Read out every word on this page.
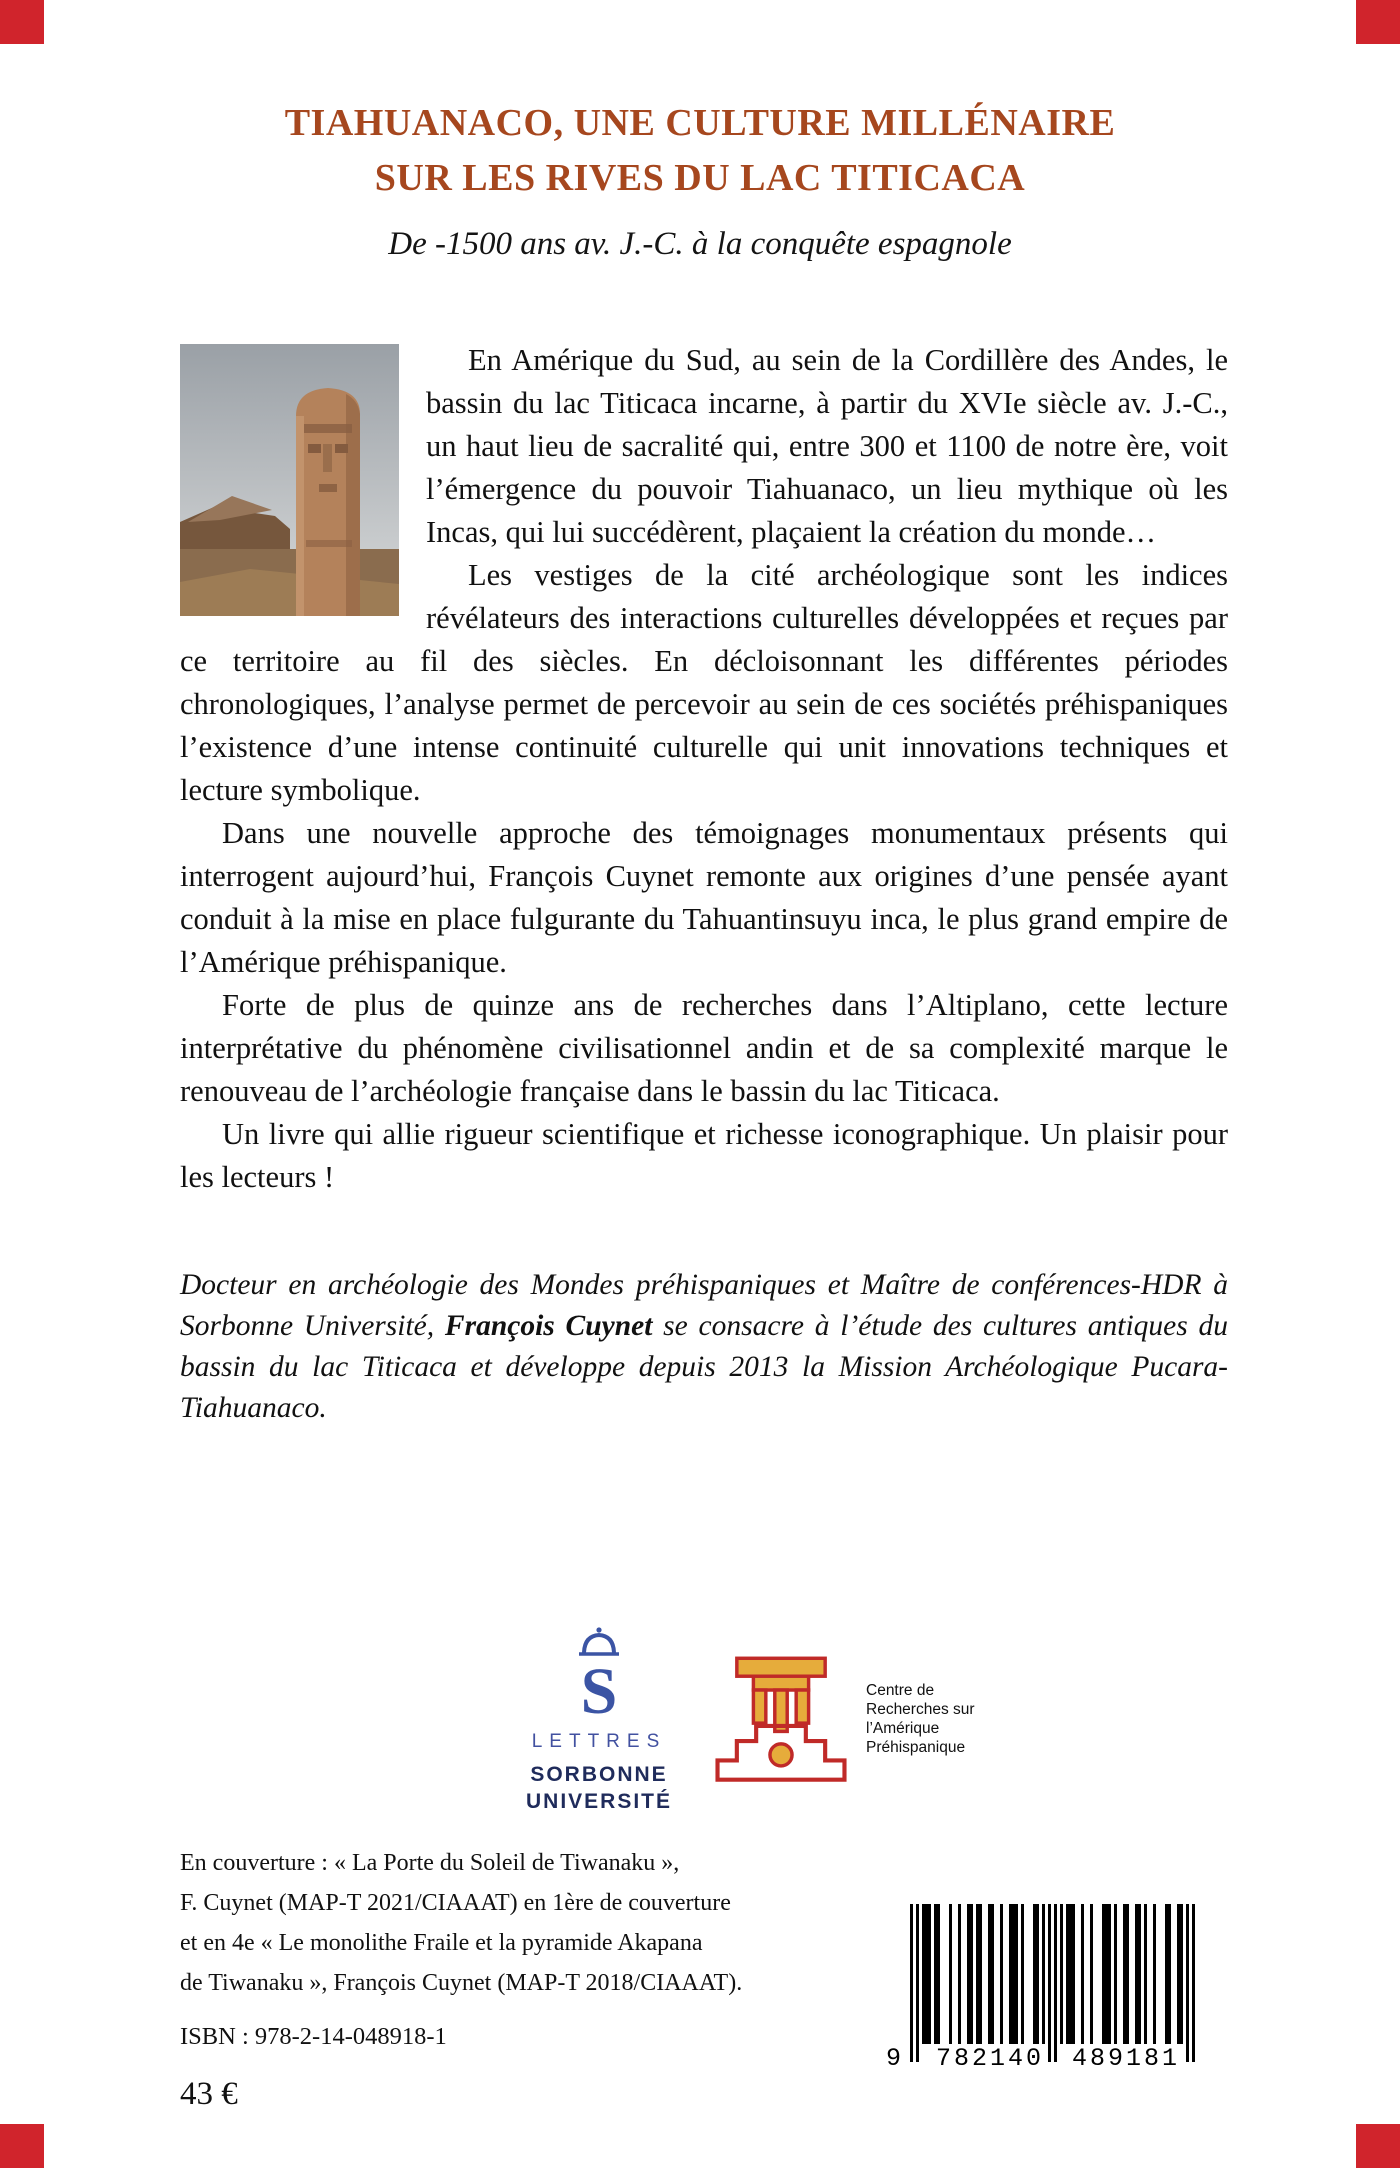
TIAHUANACO, UNE CULTURE MILLÉNAIRE
SUR LES RIVES DU LAC TITICACA
De -1500 ans av. J.-C. à la conquête espagnole

En Amérique du Sud, au sein de la Cordillère des Andes, le bassin du lac Titicaca incarne, à partir du XVIe siècle av. J.-C., un haut lieu de sacralité qui, entre 300 et 1100 de notre ère, voit l’émergence du pouvoir Tiahuanaco, un lieu mythique où les Incas, qui lui succédèrent, plaçaient la création du monde…

Les vestiges de la cité archéologique sont les indices révélateurs des interactions culturelles développées et reçues par ce territoire au fil des siècles. En décloisonnant les différentes périodes chronologiques, l’analyse permet de percevoir au sein de ces sociétés préhispaniques l’existence d’une intense continuité culturelle qui unit innovations techniques et lecture symbolique.

Dans une nouvelle approche des témoignages monumentaux présents qui interrogent aujourd’hui, François Cuynet remonte aux origines d’une pensée ayant conduit à la mise en place fulgurante du Tahuantinsuyu inca, le plus grand empire de l’Amérique préhispanique.

Forte de plus de quinze ans de recherches dans l’Altiplano, cette lecture interprétative du phénomène civilisationnel andin et de sa complexité marque le renouveau de l’archéologie française dans le bassin du lac Titicaca.

Un livre qui allie rigueur scientifique et richesse iconographique. Un plaisir pour les lecteurs !

Docteur en archéologie des Mondes préhispaniques et Maître de conférences-HDR à Sorbonne Université, François Cuynet se consacre à l’étude des cultures antiques du bassin du lac Titicaca et développe depuis 2013 la Mission Archéologique Pucara-Tiahuanaco.

S
LETTRES
SORBONNE
UNIVERSITÉ
Centre de
Recherches sur
l’Amérique
Préhispanique
En couverture : « La Porte du Soleil de Tiwanaku »,
F. Cuynet (MAP-T 2021/CIAAAT) en 1ère de couverture
et en 4e « Le monolithe Fraile et la pyramide Akapana
de Tiwanaku », François Cuynet (MAP-T 2018/CIAAAT).
ISBN : 978-2-14-048918-1
43 €
9	782140	489181
